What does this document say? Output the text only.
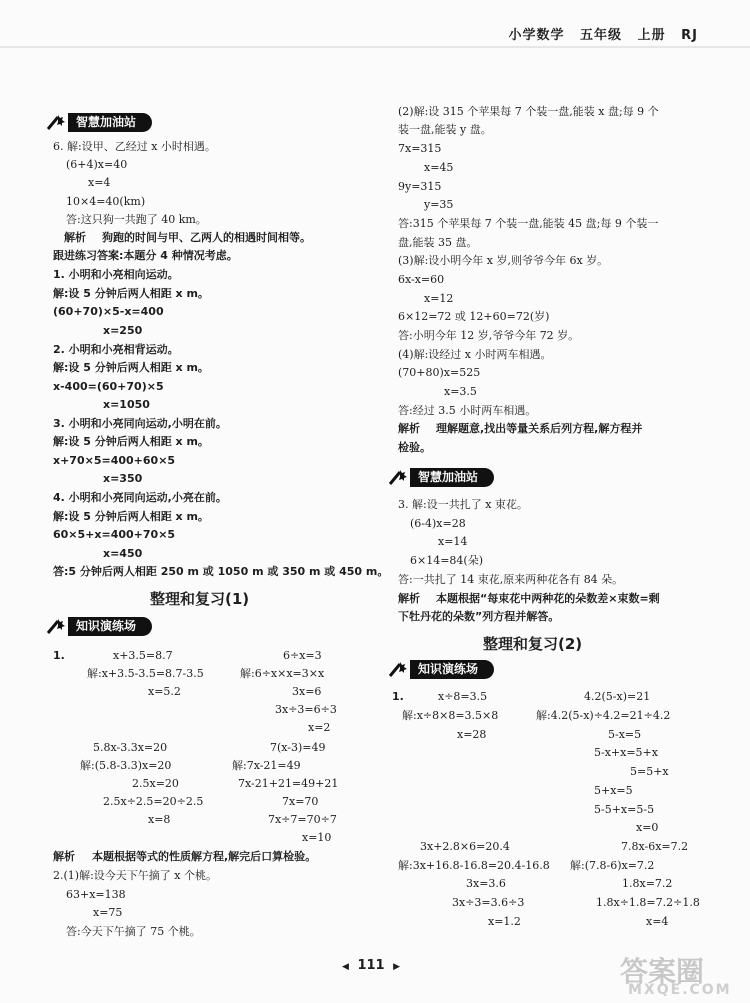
小学数学 五年级 上册 RJ
智慧加油站
6. 解:设甲、乙经过 x 小时相遇。
(6+4)x=40
x=4
10×4=40(km)
答:这只狗一共跑了 40 km。
解析 狗跑的时间与甲、乙两人的相遇时间相等。
跟进练习答案:本题分 4 种情况考虑。
1. 小明和小亮相向运动。
解:设 5 分钟后两人相距 x m。
(60+70)×5-x=400
x=250
2. 小明和小亮相背运动。
解:设 5 分钟后两人相距 x m。
x-400=(60+70)×5
x=1050
3. 小明和小亮同向运动,小明在前。
解:设 5 分钟后两人相距 x m。
x+70×5=400+60×5
x=350
4. 小明和小亮同向运动,小亮在前。
解:设 5 分钟后两人相距 x m。
60×5+x=400+70×5
x=450
答:5 分钟后两人相距 250 m 或 1050 m 或 350 m 或 450 m。
整理和复习(1)
知识演练场
1.	x+3.5=8.7
解:x+3.5-3.5=8.7-3.5
x=5.2
6÷x=3
解:6÷x×x=3×x
3x=6
3x÷3=6÷3
x=2
5.8x-3.3x=20
解:(5.8-3.3)x=20
2.5x=20
2.5x÷2.5=20÷2.5
x=8
7(x-3)=49
解:7x-21=49
7x-21+21=49+21
7x=70
7x÷7=70÷7
x=10
解析 本题根据等式的性质解方程,解完后口算检验。
2.(1)解:设今天下午摘了 x 个桃。
63+x=138
x=75
答:今天下午摘了 75 个桃。
(2)解:设 315 个苹果每 7 个装一盘,能装 x 盘;每 9 个
装一盘,能装 y 盘。
7x=315
x=45
9y=315
y=35
答:315 个苹果每 7 个装一盘,能装 45 盘;每 9 个装一
盘,能装 35 盘。
(3)解:设小明今年 x 岁,则爷爷今年 6x 岁。
6x-x=60
x=12
6×12=72 或 12+60=72(岁)
答:小明今年 12 岁,爷爷今年 72 岁。
(4)解:设经过 x 小时两车相遇。
(70+80)x=525
x=3.5
答:经过 3.5 小时两车相遇。
解析 理解题意,找出等量关系后列方程,解方程并
检验。
智慧加油站
3. 解:设一共扎了 x 束花。
(6-4)x=28
x=14
6×14=84(朵)
答:一共扎了 14 束花,原来两种花各有 84 朵。
解析 本题根据“每束花中两种花的朵数差×束数=剩
下牡丹花的朵数”列方程并解答。
整理和复习(2)
知识演练场
1.	x÷8=3.5
解:x÷8×8=3.5×8
x=28
4.2(5-x)=21
解:4.2(5-x)÷4.2=21÷4.2
5-x=5
5-x+x=5+x
5=5+x
5+x=5
5-5+x=5-5
x=0
3x+2.8×6=20.4
解:3x+16.8-16.8=20.4-16.8
3x=3.6
3x÷3=3.6÷3
x=1.2
7.8x-6x=7.2
解:(7.8-6)x=7.2
1.8x=7.2
1.8x÷1.8=7.2÷1.8
x=4
◀ 111 ▶	答案圈
MXQE.COM
